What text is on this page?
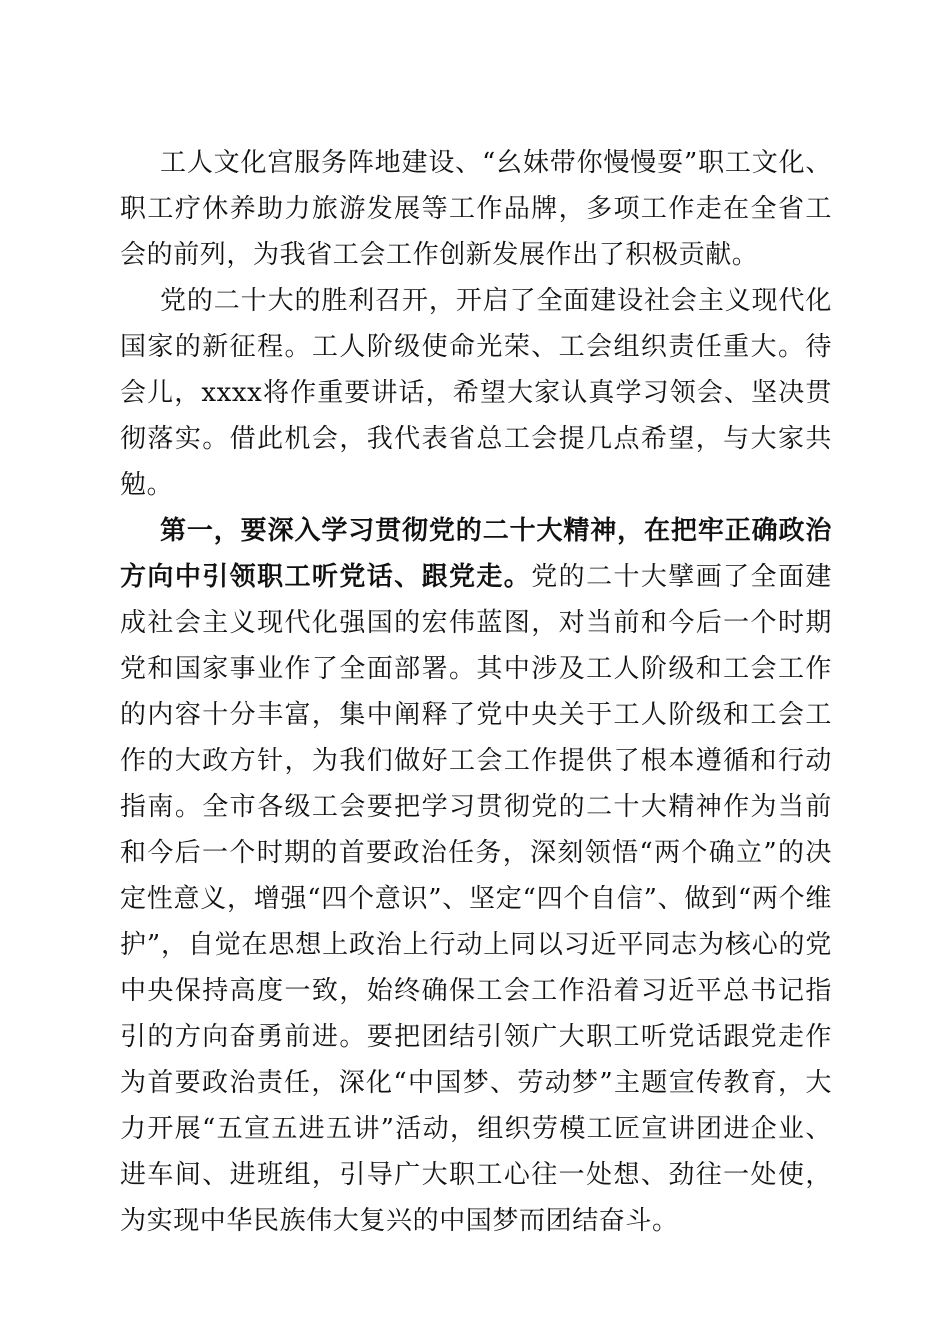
工人文化宫服务阵地建设、“幺妹带你慢慢耍”职工文化、职工疗休养助力旅游发展等工作品牌，多项工作走在全省工会的前列，为我省工会工作创新发展作出了积极贡献。

党的二十大的胜利召开，开启了全面建设社会主义现代化国家的新征程。工人阶级使命光荣、工会组织责任重大。待会儿，xxxx将作重要讲话，希望大家认真学习领会、坚决贯彻落实。借此机会，我代表省总工会提几点希望，与大家共勉。

第一，要深入学习贯彻党的二十大精神，在把牢正确政治方向中引领职工听党话、跟党走。党的二十大擘画了全面建成社会主义现代化强国的宏伟蓝图，对当前和今后一个时期党和国家事业作了全面部署。其中涉及工人阶级和工会工作的内容十分丰富，集中阐释了党中央关于工人阶级和工会工作的大政方针，为我们做好工会工作提供了根本遵循和行动指南。全市各级工会要把学习贯彻党的二十大精神作为当前和今后一个时期的首要政治任务，深刻领悟“两个确立”的决定性意义，增强“四个意识”、坚定“四个自信”、做到“两个维护”，自觉在思想上政治上行动上同以习近平同志为核心的党中央保持高度一致，始终确保工会工作沿着习近平总书记指引的方向奋勇前进。要把团结引领广大职工听党话跟党走作为首要政治责任，深化“中国梦、劳动梦”主题宣传教育，大力开展“五宣五进五讲”活动，组织劳模工匠宣讲团进企业、进车间、进班组，引导广大职工心往一处想、劲往一处使，为实现中华民族伟大复兴的中国梦而团结奋斗。
